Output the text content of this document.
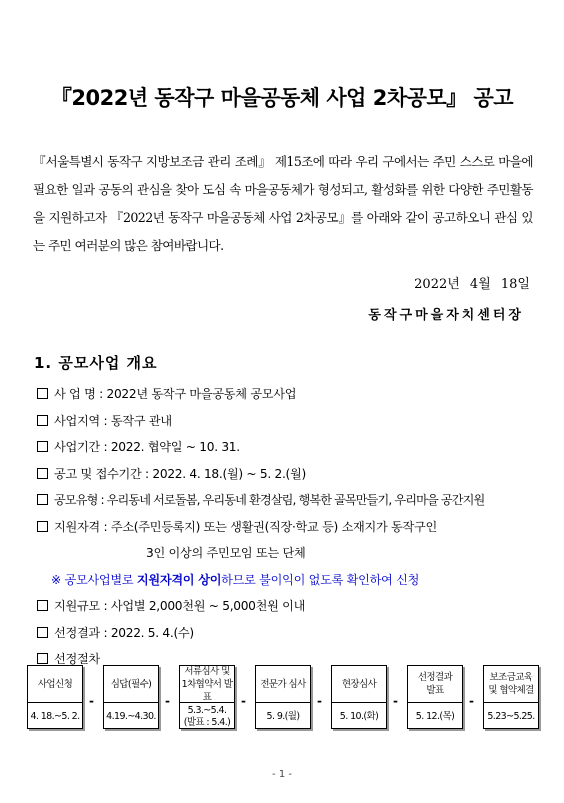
『2022년 동작구 마을공동체 사업 2차공모』 공고
『서울특별시 동작구 지방보조금 관리 조례』 제15조에 따라 우리 구에서는 주민 스스로 마을에 필요한 일과 공동의 관심을 찾아 도심 속 마을공동체가 형성되고, 활성화를 위한 다양한 주민활동을 지원하고자 『2022년 동작구 마을공동체 사업 2차공모』를 아래와 같이 공고하오니 관심 있는 주민 여러분의 많은 참여바랍니다.
2022년 4월 18일
동작구마을자치센터장
1. 공모사업 개요
사 업 명 : 2022년 동작구 마을공동체 공모사업
사업지역 : 동작구 관내
사업기간 : 2022. 협약일 ~ 10. 31.
공고 및 접수기간 : 2022. 4. 18.(월) ~ 5. 2.(월)
공모유형 : 우리동네 서로돌봄, 우리동네 환경살림, 행복한 골목만들기, 우리마을 공간지원
지원자격 : 주소(주민등록지) 또는 생활권(직장·학교 등) 소재지가 동작구인
3인 이상의 주민모임 또는 단체
※ 공모사업별로 지원자격이 상이하므로 불이익이 없도록 확인하여 신청
지원규모 : 사업별 2,000천원 ~ 5,000천원 이내
선정결과 : 2022. 5. 4.(수)
선정절차
사업신청
4. 18.~5. 2.
-
심답(필수)
4.19.~4.30.
-
서류심사 및
1차협약서 발표
5.3.~5.4.
(발표 : 5.4.)
-
전문가 심사
5. 9.(월)
-
현장심사
5. 10.(화)
-
선정결과
발표
5. 12.(목)
-
보조금교육
및 협약체결
5.23~5.25.
- 1 -
